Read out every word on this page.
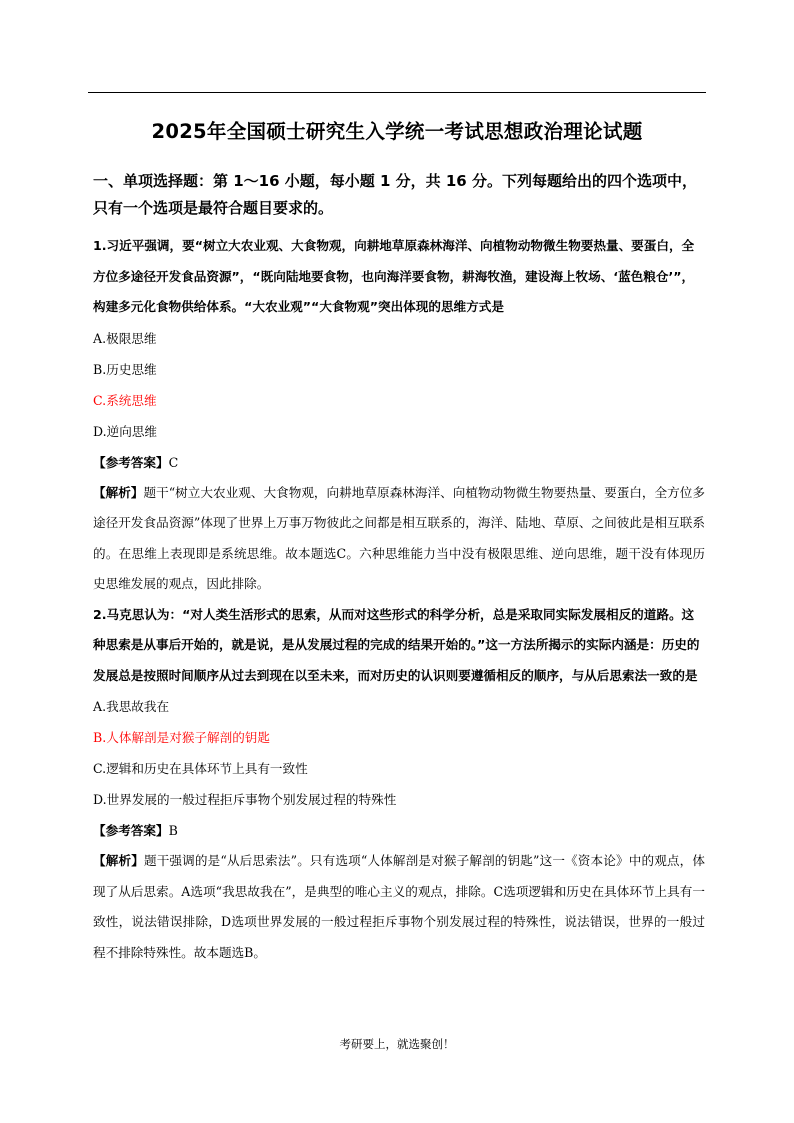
2025年全国硕士研究生入学统一考试思想政治理论试题

一、单项选择题：第 1～16 小题，每小题 1 分，共 16 分。下列每题给出的四个选项中，只有一个选项是最符合题目要求的。

1.习近平强调，要“树立大农业观、大食物观，向耕地草原森林海洋、向植物动物微生物要热量、要蛋白，全方位多途径开发食品资源”，“既向陆地要食物，也向海洋要食物，耕海牧渔，建设海上牧场、‘蓝色粮仓’”，构建多元化食物供给体系。“大农业观”“大食物观”突出体现的思维方式是

A.极限思维

B.历史思维

C.系统思维

D.逆向思维

【参考答案】C

【解析】题干“树立大农业观、大食物观，向耕地草原森林海洋、向植物动物微生物要热量、要蛋白，全方位多途径开发食品资源”体现了世界上万事万物彼此之间都是相互联系的，海洋、陆地、草原、之间彼此是相互联系的。在思维上表现即是系统思维。故本题选C。六种思维能力当中没有极限思维、逆向思维，题干没有体现历史思维发展的观点，因此排除。

2.马克思认为：“对人类生活形式的思索，从而对这些形式的科学分析，总是采取同实际发展相反的道路。这种思索是从事后开始的，就是说，是从发展过程的完成的结果开始的。”这一方法所揭示的实际内涵是：历史的发展总是按照时间顺序从过去到现在以至未来，而对历史的认识则要遵循相反的顺序，与从后思索法一致的是

A.我思故我在

B.人体解剖是对猴子解剖的钥匙

C.逻辑和历史在具体环节上具有一致性

D.世界发展的一般过程拒斥事物个别发展过程的特殊性

【参考答案】B

【解析】题干强调的是“从后思索法”。只有选项“人体解剖是对猴子解剖的钥匙”这一《资本论》中的观点，体现了从后思索。A选项“我思故我在”，是典型的唯心主义的观点，排除。C选项逻辑和历史在具体环节上具有一致性，说法错误排除，D选项世界发展的一般过程拒斥事物个别发展过程的特殊性，说法错误，世界的一般过程不排除特殊性。故本题选B。

考研要上，就选聚创！
